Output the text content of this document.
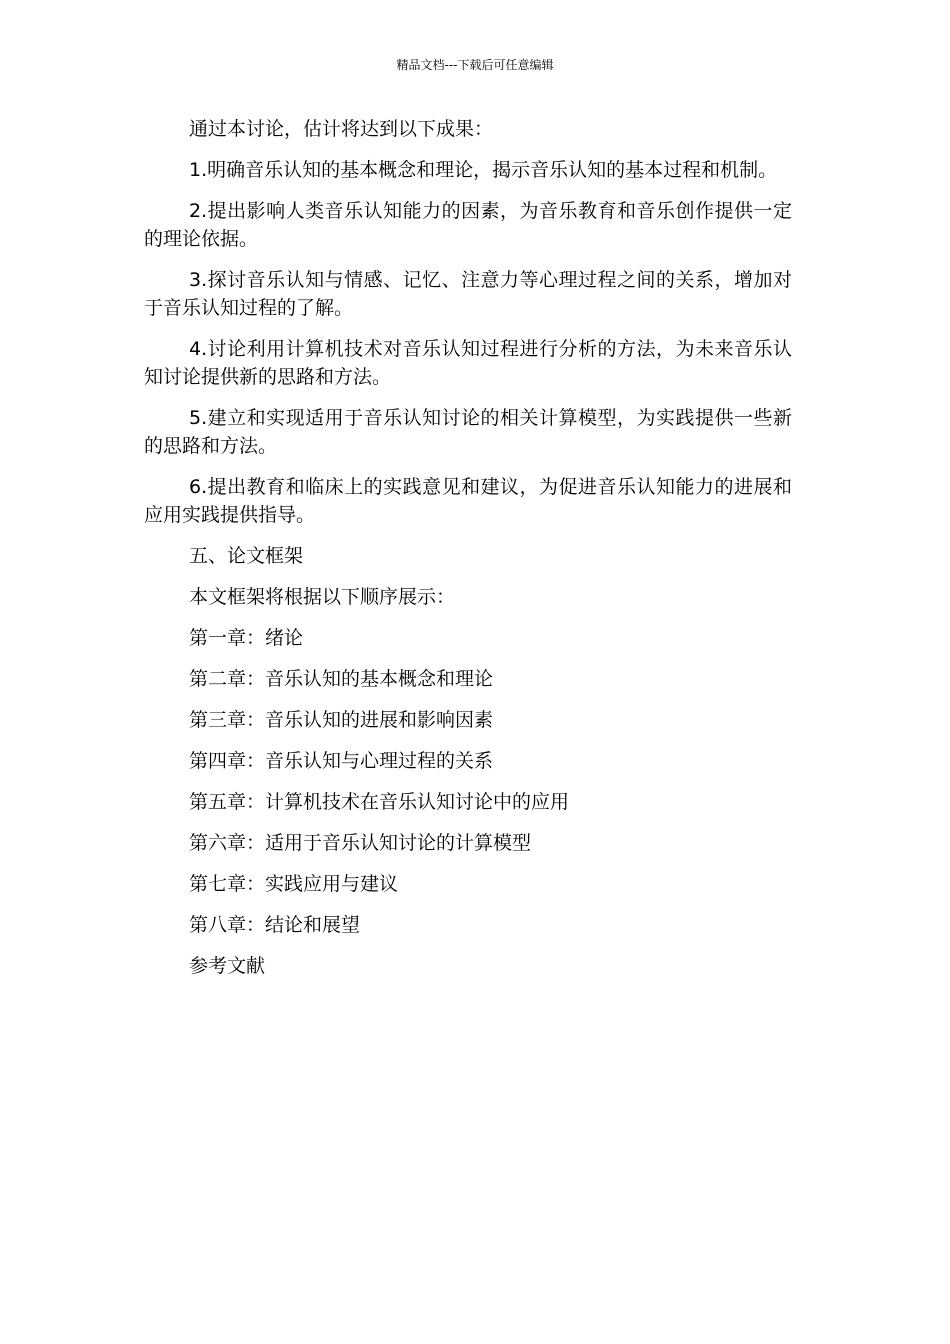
精品文档---下载后可任意编辑

通过本讨论，估计将达到以下成果：

1.明确音乐认知的基本概念和理论，揭示音乐认知的基本过程和机制。

2.提出影响人类音乐认知能力的因素，为音乐教育和音乐创作提供一定的理论依据。

3.探讨音乐认知与情感、记忆、注意力等心理过程之间的关系，增加对于音乐认知过程的了解。

4.讨论利用计算机技术对音乐认知过程进行分析的方法，为未来音乐认知讨论提供新的思路和方法。

5.建立和实现适用于音乐认知讨论的相关计算模型，为实践提供一些新的思路和方法。

6.提出教育和临床上的实践意见和建议，为促进音乐认知能力的进展和应用实践提供指导。

五、论文框架

本文框架将根据以下顺序展示：

第一章：绪论

第二章：音乐认知的基本概念和理论

第三章：音乐认知的进展和影响因素

第四章：音乐认知与心理过程的关系

第五章：计算机技术在音乐认知讨论中的应用

第六章：适用于音乐认知讨论的计算模型

第七章：实践应用与建议

第八章：结论和展望

参考文献
